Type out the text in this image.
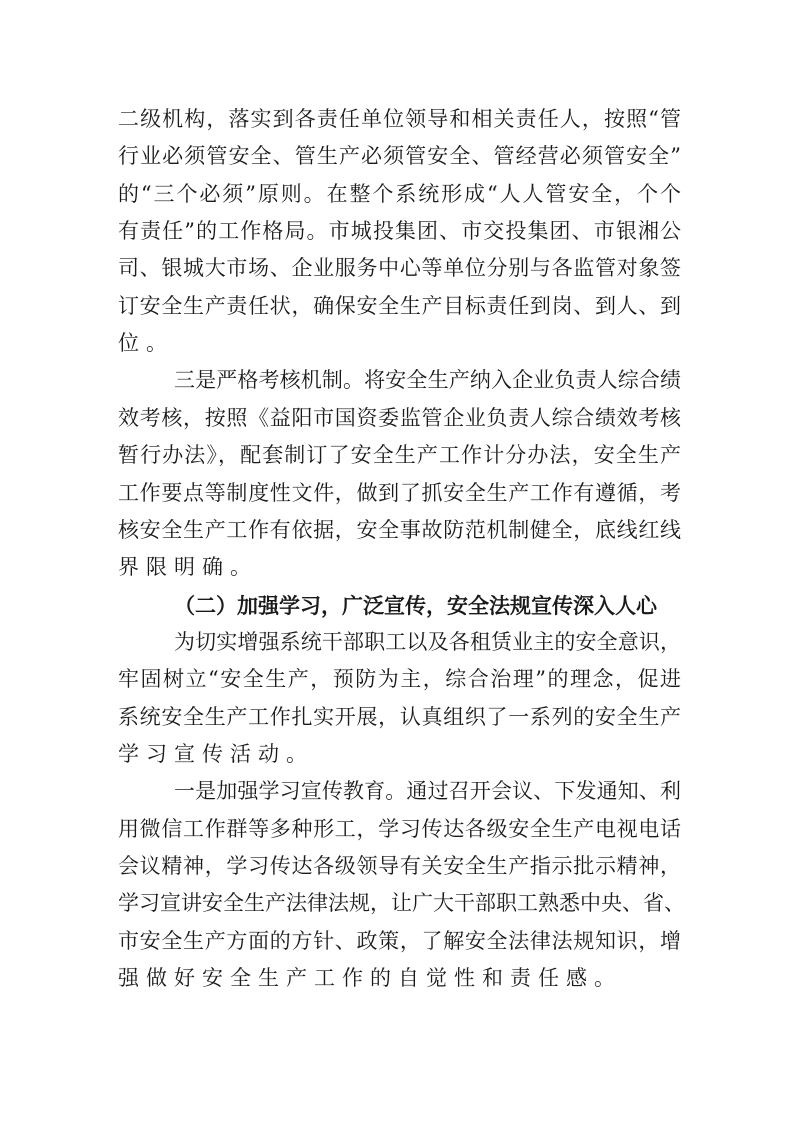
二级机构，落实到各责任单位领导和相关责任人，按照“管
行业必须管安全、管生产必须管安全、管经营必须管安全”
的“三个必须”原则。在整个系统形成“人人管安全，个个
有责任”的工作格局。市城投集团、市交投集团、市银湘公
司、银城大市场、企业服务中心等单位分别与各监管对象签
订安全生产责任状，确保安全生产目标责任到岗、到人、到
位。
三是严格考核机制。将安全生产纳入企业负责人综合绩
效考核，按照《益阳市国资委监管企业负责人综合绩效考核
暂行办法》，配套制订了安全生产工作计分办法，安全生产
工作要点等制度性文件，做到了抓安全生产工作有遵循，考
核安全生产工作有依据，安全事故防范机制健全，底线红线
界限明确。
（二）加强学习，广泛宣传，安全法规宣传深入人心
为切实增强系统干部职工以及各租赁业主的安全意识，
牢固树立“安全生产，预防为主，综合治理”的理念，促进
系统安全生产工作扎实开展，认真组织了一系列的安全生产
学习宣传活动。
一是加强学习宣传教育。通过召开会议、下发通知、利
用微信工作群等多种形工，学习传达各级安全生产电视电话
会议精神，学习传达各级领导有关安全生产指示批示精神，
学习宣讲安全生产法律法规，让广大干部职工熟悉中央、省、
市安全生产方面的方针、政策，了解安全法律法规知识，增
强做好安全生产工作的自觉性和责任感。
